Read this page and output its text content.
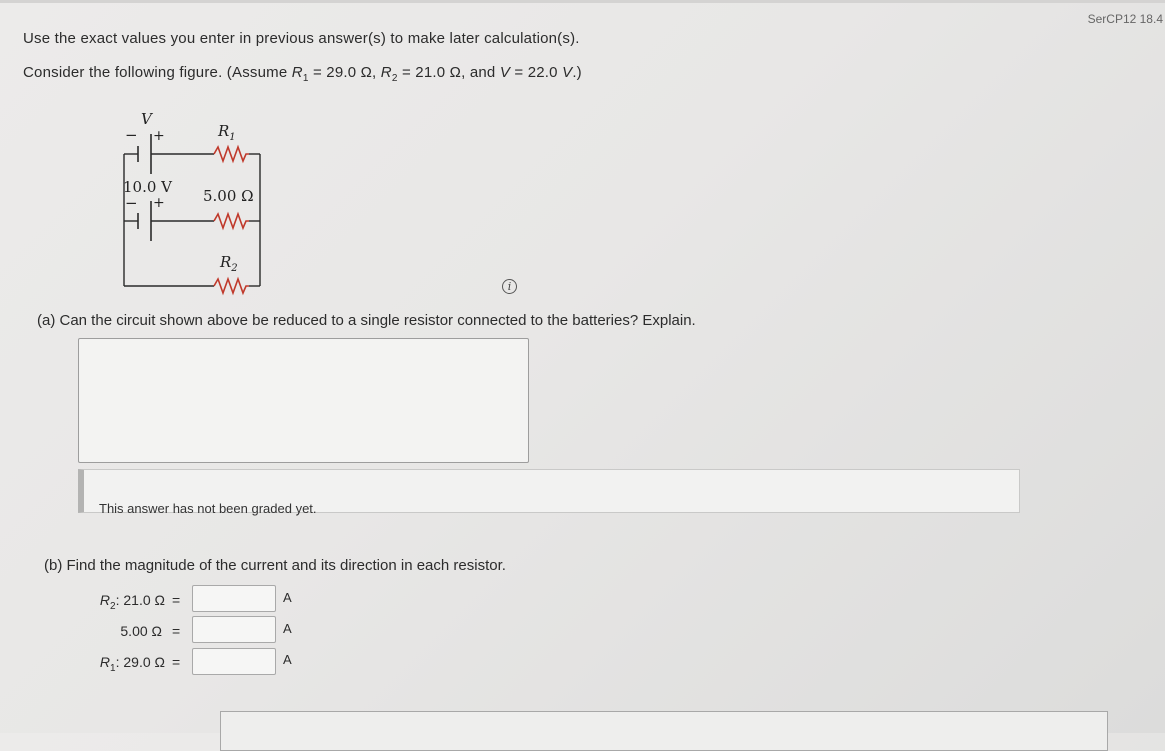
SerCP12 18.4
Use the exact values you enter in previous answer(s) to make later calculation(s).
Consider the following figure. (Assume $R_1 = 29.0$ Ω, $R_2 = 21.0$ Ω, and V = 22.0 V.)
V
− +	$R_1$
10.0 V
− +	5.00 Ω
$R_2$
i
(a) Can the circuit shown above be reduced to a single resistor connected to the batteries? Explain.
This answer has not been graded yet.
(b) Find the magnitude of the current and its direction in each resistor.
$R_2$: 21.0 Ω =	A
5.00 Ω =	A
$R_1$: 29.0 Ω =	A
